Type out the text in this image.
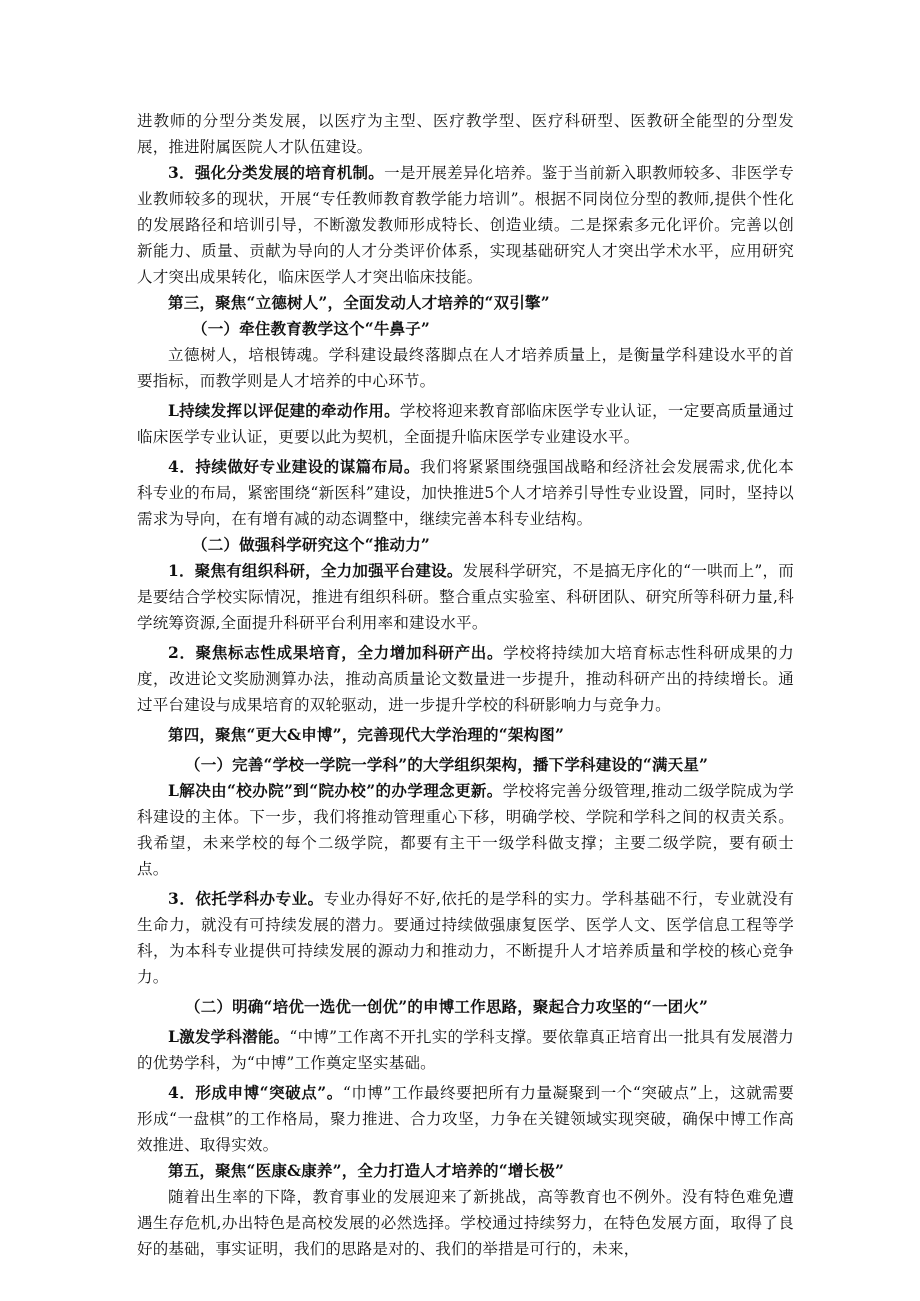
进教师的分型分类发展，以医疗为主型、医疗教学型、医疗科研型、医教研全能型的分型发展，推进附属医院人才队伍建设。

3．强化分类发展的培育机制。一是开展差异化培养。鉴于当前新入职教师较多、非医学专业教师较多的现状，开展“专任教师教育教学能力培训”。根据不同岗位分型的教师,提供个性化的发展路径和培训引导，不断激发教师形成特长、创造业绩。二是探索多元化评价。完善以创新能力、质量、贡献为导向的人才分类评价体系，实现基础研究人才突出学术水平，应用研究人才突出成果转化，临床医学人才突出临床技能。

第三，聚焦“立德树人”，全面发动人才培养的“双引擎”

（一）牵住教育教学这个“牛鼻子”

立德树人，培根铸魂。学科建设最终落脚点在人才培养质量上，是衡量学科建设水平的首要指标，而教学则是人才培养的中心环节。

L持续发挥以评促建的牵动作用。学校将迎来教育部临床医学专业认证，一定要高质量通过临床医学专业认证，更要以此为契机，全面提升临床医学专业建设水平。

4．持续做好专业建设的谋篇布局。我们将紧紧围绕强国战略和经济社会发展需求,优化本科专业的布局，紧密围绕“新医科”建设，加快推进5个人才培养引导性专业设置，同时，坚持以需求为导向，在有增有减的动态调整中，继续完善本科专业结构。

（二）做强科学研究这个“推动力”

1．聚焦有组织科研，全力加强平台建设。发展科学研究，不是搞无序化的“一哄而上”，而是要结合学校实际情况，推进有组织科研。整合重点实验室、科研团队、研究所等科研力量,科学统筹资源,全面提升科研平台利用率和建设水平。

2．聚焦标志性成果培育，全力增加科研产出。学校将持续加大培育标志性科研成果的力度，改进论文奖励测算办法，推动高质量论文数量进一步提升，推动科研产出的持续增长。通过平台建设与成果培育的双轮驱动，进一步提升学校的科研影响力与竞争力。

第四，聚焦“更大&申博”，完善现代大学治理的“架构图”

（一）完善“学校一学院一学科”的大学组织架构，播下学科建设的“满天星”

L解决由“校办院”到“院办校”的办学理念更新。学校将完善分级管理,推动二级学院成为学科建设的主体。下一步，我们将推动管理重心下移，明确学校、学院和学科之间的权责关系。我希望，未来学校的每个二级学院，都要有主干一级学科做支撑；主要二级学院，要有硕士点。

3．依托学科办专业。专业办得好不好,依托的是学科的实力。学科基础不行，专业就没有生命力，就没有可持续发展的潜力。要通过持续做强康复医学、医学人文、医学信息工程等学科，为本科专业提供可持续发展的源动力和推动力，不断提升人才培养质量和学校的核心竞争力。

（二）明确“培优一选优一创优”的申博工作思路，聚起合力攻坚的“一团火”

L激发学科潜能。“中博”工作离不开扎实的学科支撑。要依靠真正培育出一批具有发展潜力的优势学科，为“中博”工作奠定坚实基础。

4．形成申博“突破点”。“巾博”工作最终要把所有力量凝聚到一个“突破点”上，这就需要形成“一盘棋”的工作格局，聚力推进、合力攻坚，力争在关键领域实现突破，确保中博工作高效推进、取得实效。

第五，聚焦“医康&康养”，全力打造人才培养的“增长极”

随着出生率的下降，教育事业的发展迎来了新挑战，高等教育也不例外。没有特色难免遭遇生存危机,办出特色是高校发展的必然选择。学校通过持续努力，在特色发展方面，取得了良好的基础，事实证明，我们的思路是对的、我们的举措是可行的，未来，
